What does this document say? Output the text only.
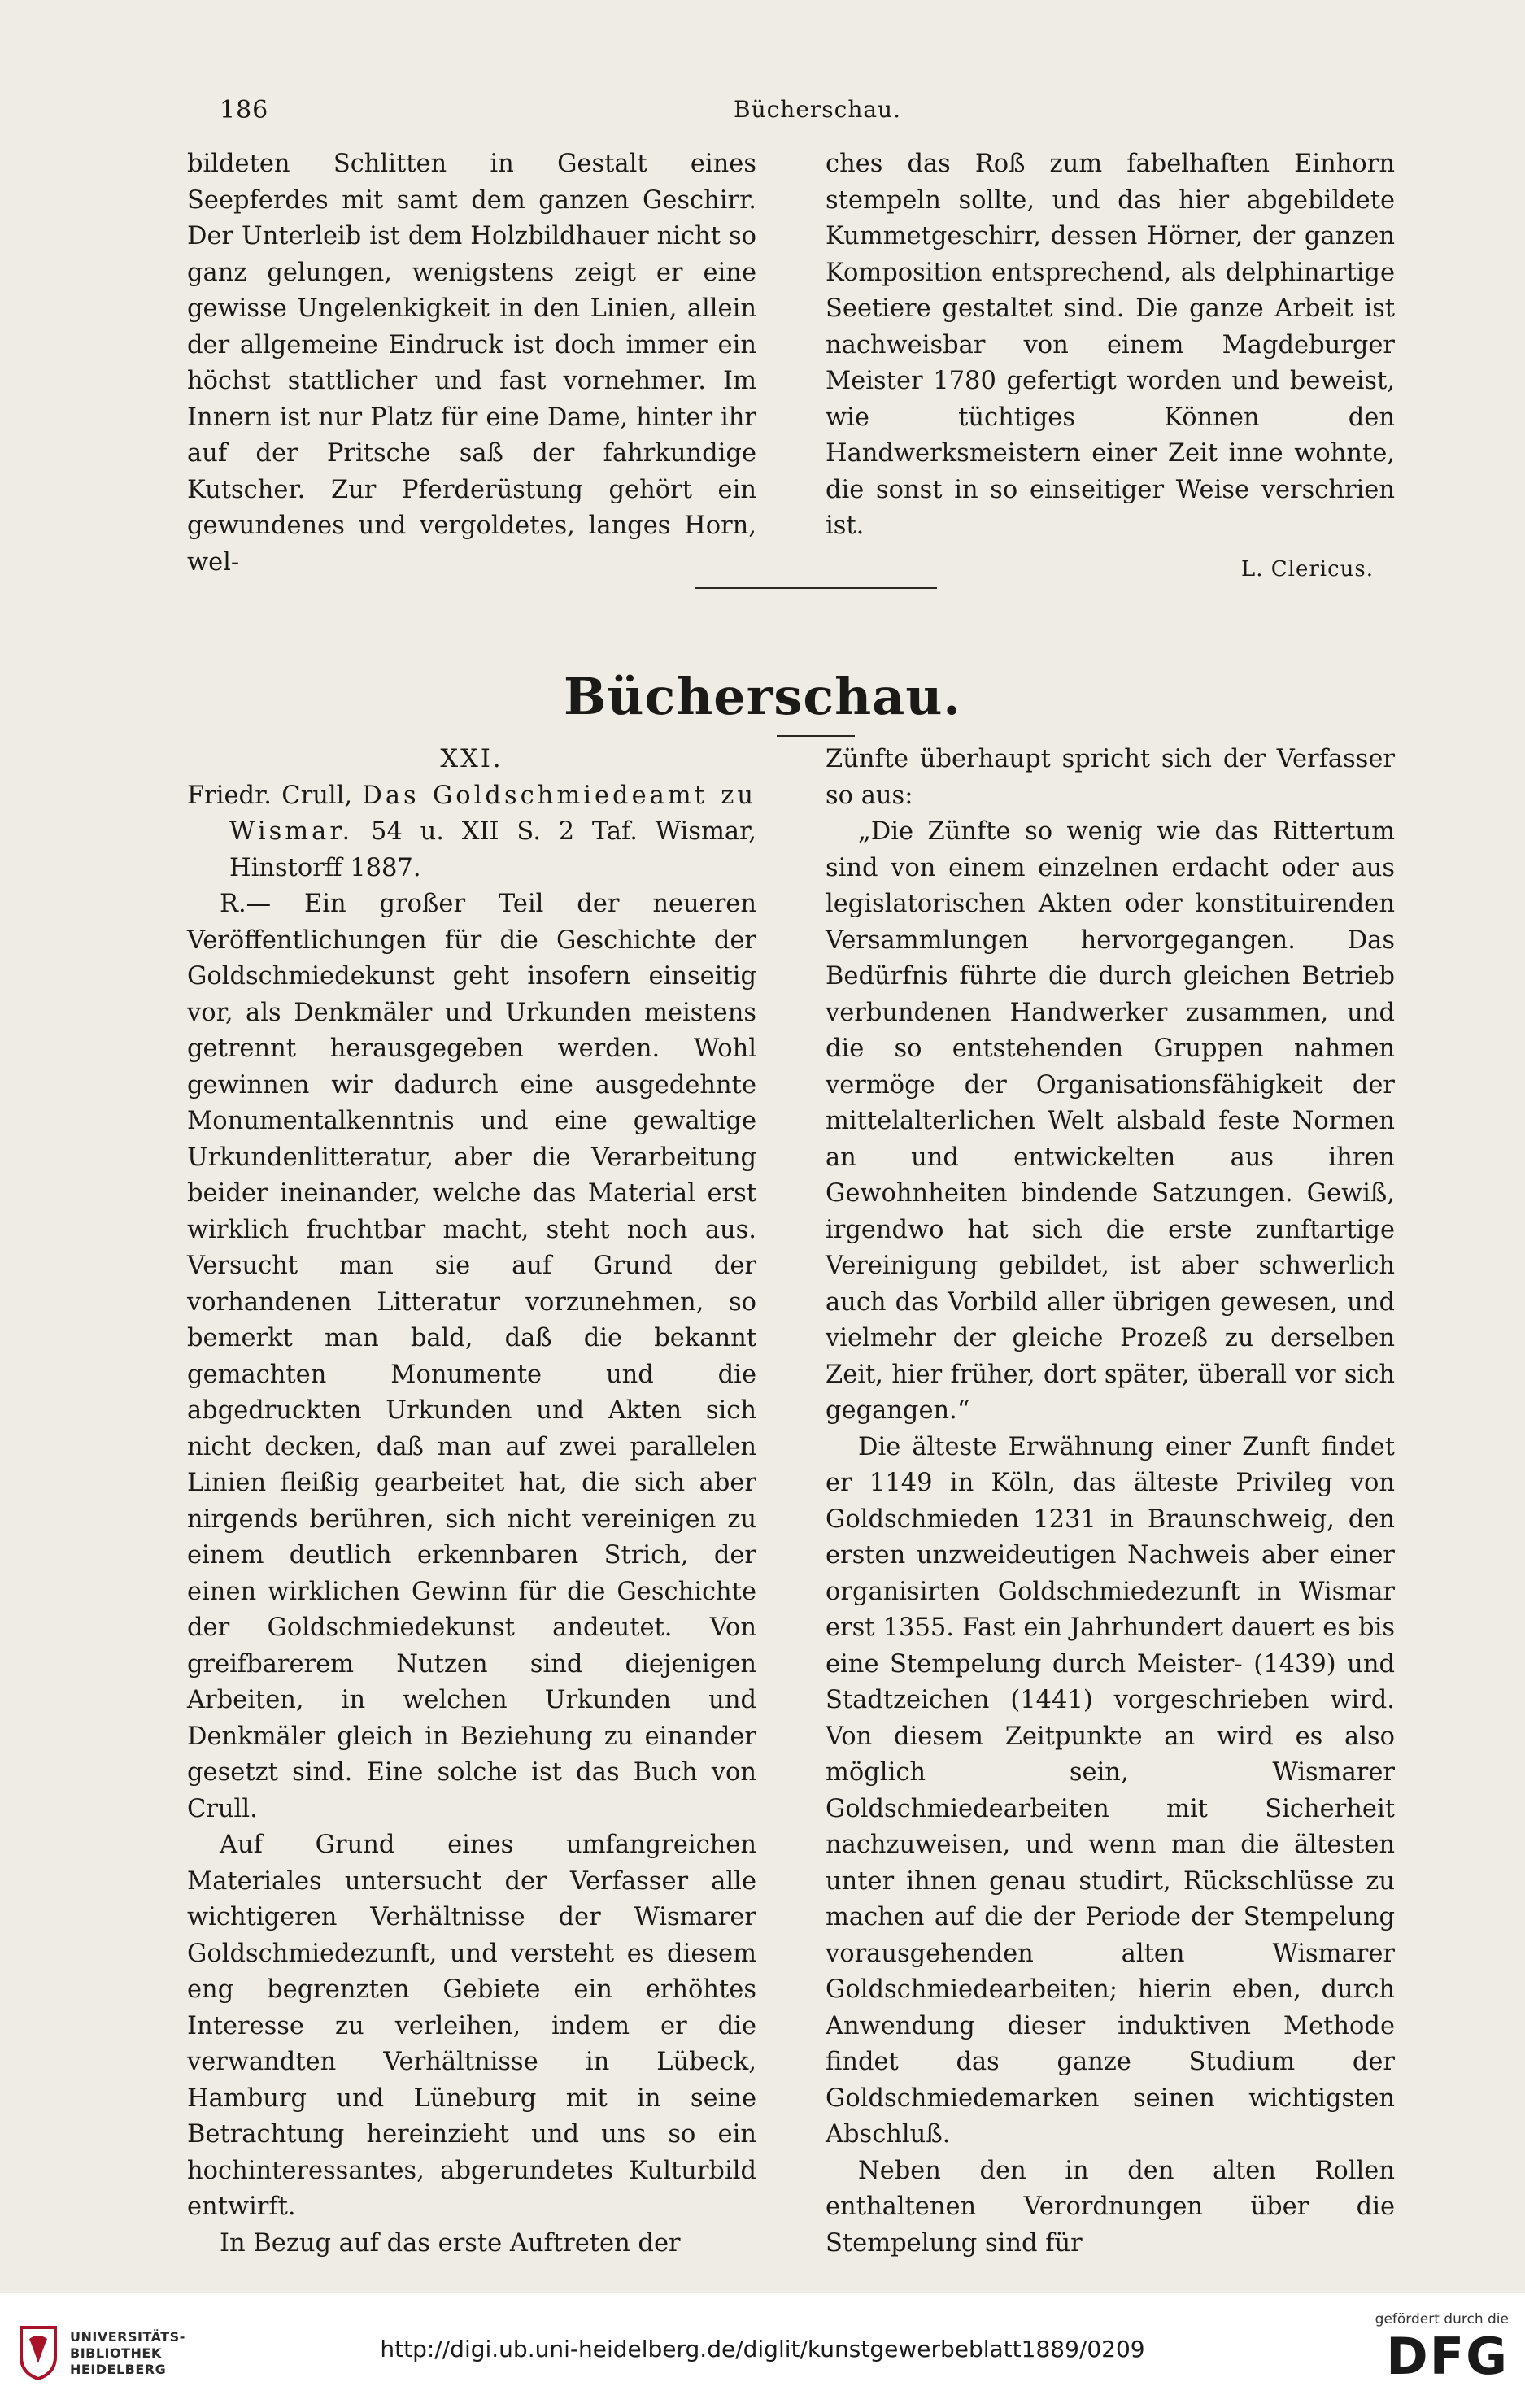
186	Bücherschau.

bildeten Schlitten in Gestalt eines Seepferdes mit samt dem ganzen Geschirr. Der Unterleib ist dem Holzbildhauer nicht so ganz gelungen, wenigstens zeigt er eine gewisse Ungelenkigkeit in den Linien, allein der allgemeine Eindruck ist doch immer ein höchst stattlicher und fast vornehmer. Im Innern ist nur Platz für eine Dame, hinter ihr auf der Pritsche saß der fahrkundige Kutscher. Zur Pferderüstung gehört ein gewundenes und vergoldetes, langes Horn, wel-

ches das Roß zum fabelhaften Einhorn stempeln sollte, und das hier abgebildete Kummetgeschirr, dessen Hörner, der ganzen Komposition entsprechend, als delphinartige Seetiere gestaltet sind. Die ganze Arbeit ist nachweisbar von einem Magdeburger Meister 1780 gefertigt worden und beweist, wie tüchtiges Können den Handwerksmeistern einer Zeit inne wohnte, die sonst in so einseitiger Weise verschrien ist.

L. Clericus.

Bücherschau.

XXI.

Friedr. Crull, Das Goldschmiedeamt zu Wismar. 54 u. XII S. 2 Taf. Wismar, Hinstorff 1887.

R.— Ein großer Teil der neueren Veröffentlichungen für die Geschichte der Goldschmiedekunst geht insofern einseitig vor, als Denkmäler und Urkunden meistens getrennt herausgegeben werden. Wohl gewinnen wir dadurch eine ausgedehnte Monumentalkenntnis und eine gewaltige Urkundenlitteratur, aber die Verarbeitung beider ineinander, welche das Material erst wirklich fruchtbar macht, steht noch aus. Versucht man sie auf Grund der vorhandenen Litteratur vorzunehmen, so bemerkt man bald, daß die bekannt gemachten Monumente und die abgedruckten Urkunden und Akten sich nicht decken, daß man auf zwei parallelen Linien fleißig gearbeitet hat, die sich aber nirgends berühren, sich nicht vereinigen zu einem deutlich erkennbaren Strich, der einen wirklichen Gewinn für die Geschichte der Goldschmiedekunst andeutet. Von greifbarerem Nutzen sind diejenigen Arbeiten, in welchen Urkunden und Denkmäler gleich in Beziehung zu einander gesetzt sind. Eine solche ist das Buch von Crull.

Auf Grund eines umfangreichen Materiales untersucht der Verfasser alle wichtigeren Verhältnisse der Wismarer Goldschmiedezunft, und versteht es diesem eng begrenzten Gebiete ein erhöhtes Interesse zu verleihen, indem er die verwandten Verhältnisse in Lübeck, Hamburg und Lüneburg mit in seine Betrachtung hereinzieht und uns so ein hochinteressantes, abgerundetes Kulturbild entwirft.

In Bezug auf das erste Auftreten der

Zünfte überhaupt spricht sich der Verfasser so aus:

„Die Zünfte so wenig wie das Rittertum sind von einem einzelnen erdacht oder aus legislatorischen Akten oder konstituirenden Versammlungen hervorgegangen. Das Bedürfnis führte die durch gleichen Betrieb verbundenen Handwerker zusammen, und die so entstehenden Gruppen nahmen vermöge der Organisationsfähigkeit der mittelalterlichen Welt alsbald feste Normen an und entwickelten aus ihren Gewohnheiten bindende Satzungen. Gewiß, irgendwo hat sich die erste zunftartige Vereinigung gebildet, ist aber schwerlich auch das Vorbild aller übrigen gewesen, und vielmehr der gleiche Prozeß zu derselben Zeit, hier früher, dort später, überall vor sich gegangen.“

Die älteste Erwähnung einer Zunft findet er 1149 in Köln, das älteste Privileg von Goldschmieden 1231 in Braunschweig, den ersten unzweideutigen Nachweis aber einer organisirten Goldschmiedezunft in Wismar erst 1355. Fast ein Jahrhundert dauert es bis eine Stempelung durch Meister- (1439) und Stadtzeichen (1441) vorgeschrieben wird. Von diesem Zeitpunkte an wird es also möglich sein, Wismarer Goldschmiedearbeiten mit Sicherheit nachzuweisen, und wenn man die ältesten unter ihnen genau studirt, Rückschlüsse zu machen auf die der Periode der Stempelung vorausgehenden alten Wismarer Goldschmiedearbeiten; hierin eben, durch Anwendung dieser induktiven Methode findet das ganze Studium der Goldschmiedemarken seinen wichtigsten Abschluß.

Neben den in den alten Rollen enthaltenen Verordnungen über die Stempelung sind für

UNIVERSITÄTS-
BIBLIOTHEK
HEIDELBERG
http://digi.ub.uni-heidelberg.de/diglit/kunstgewerbeblatt1889/0209
gefördert durch die
DFG
